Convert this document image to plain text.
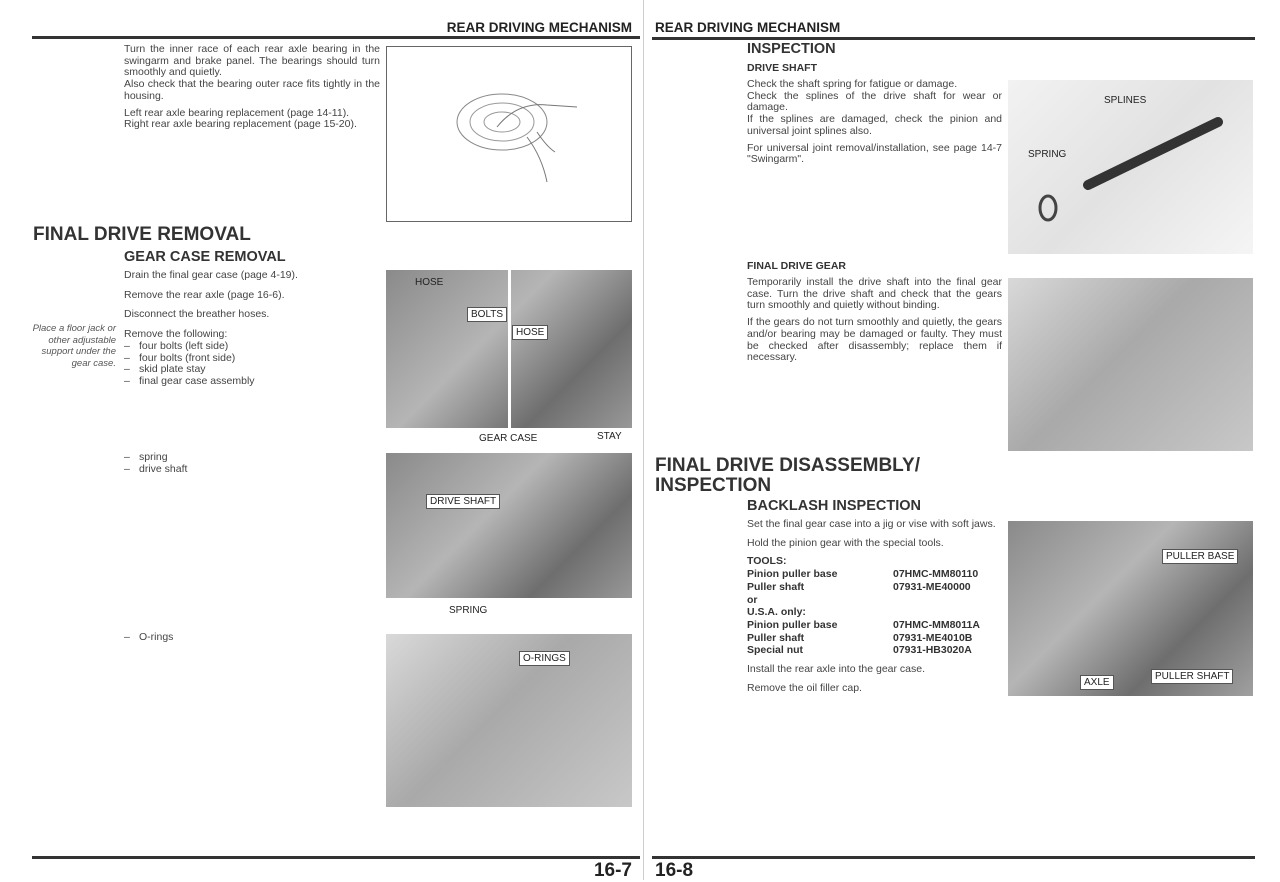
REAR DRIVING MECHANISM REAR DRIVING MECHANISM
Turn the inner race of each rear axle bearing in the swingarm and brake panel. The bearings should turn smoothly and quietly.

Also check that the bearing outer race fits tightly in the housing.

Left rear axle bearing replacement (page 14-11).
Right rear axle bearing replacement (page 15-20).
FINAL DRIVE REMOVAL
GEAR CASE REMOVAL
Drain the final gear case (page 4-19).
Remove the rear axle (page 16-6).
Disconnect the breather hoses.
Remove the following:
– four bolts (left side)
– four bolts (front side)
– skid plate stay
– final gear case assembly
Place a floor jack or other adjustable support under the gear case.
HOSE
BOLTS
HOSE
GEAR CASE	STAY
– spring
– drive shaft
DRIVE SHAFT
SPRING
– O-rings
O-RINGS
INSPECTION
DRIVE SHAFT
Check the shaft spring for fatigue or damage.
Check the splines of the drive shaft for wear or damage.

If the splines are damaged, check the pinion and universal joint splines also.

For universal joint removal/installation, see page 14-7 "Swingarm".

SPLINES
SPRING
FINAL DRIVE GEAR

Temporarily install the drive shaft into the final gear case. Turn the drive shaft and check that the gears turn smoothly and quietly without binding.

If the gears do not turn smoothly and quietly, the gears and/or bearing may be damaged or faulty. They must be checked after disassembly; replace them if necessary.

FINAL DRIVE DISASSEMBLY/ INSPECTION
BACKLASH INSPECTION
Set the final gear case into a jig or vise with soft jaws.
Hold the pinion gear with the special tools.
TOOLS:
Pinion puller base	07HMC-MM80110
Puller shaft	07931-ME40000
or
U.S.A. only:
Pinion puller base	07HMC-MM8011A
Puller shaft	07931-ME4010B
Special nut	07931-HB3020A
Install the rear axle into the gear case.
Remove the oil filler cap.
PULLER BASE
AXLE
PULLER SHAFT
16-7 16-8
